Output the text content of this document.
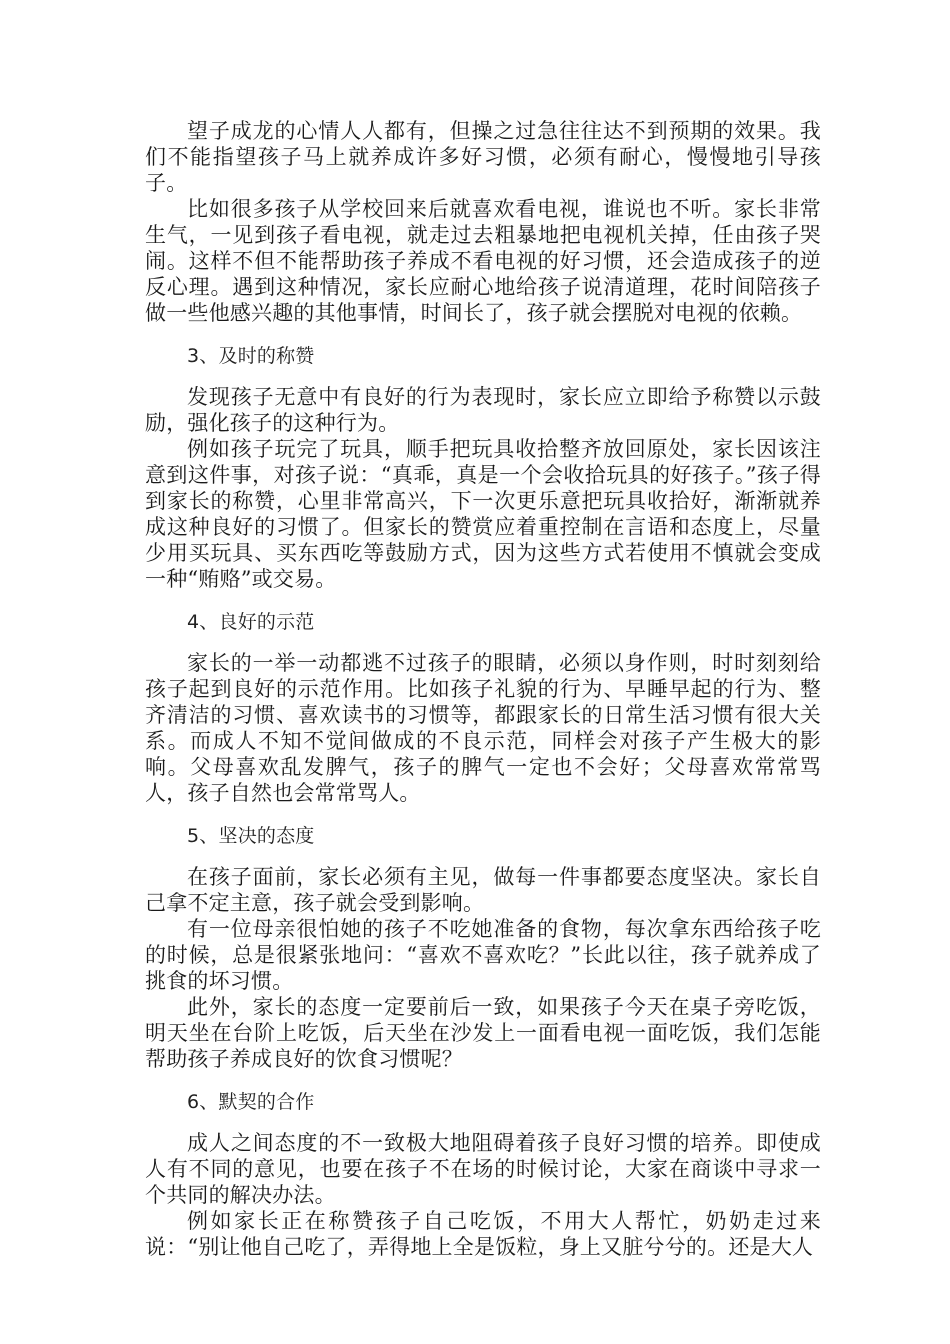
望子成龙的心情人人都有，但操之过急往往达不到预期的效果。我们不能指望孩子马上就养成许多好习惯，必须有耐心，慢慢地引导孩子。

比如很多孩子从学校回来后就喜欢看电视，谁说也不听。家长非常生气，一见到孩子看电视，就走过去粗暴地把电视机关掉，任由孩子哭闹。这样不但不能帮助孩子养成不看电视的好习惯，还会造成孩子的逆反心理。遇到这种情况，家长应耐心地给孩子说清道理，花时间陪孩子做一些他感兴趣的其他事情，时间长了，孩子就会摆脱对电视的依赖。

3、及时的称赞

发现孩子无意中有良好的行为表现时，家长应立即给予称赞以示鼓励，强化孩子的这种行为。

例如孩子玩完了玩具，顺手把玩具收拾整齐放回原处，家长因该注意到这件事，对孩子说：“真乖，真是一个会收拾玩具的好孩子。”孩子得到家长的称赞，心里非常高兴，下一次更乐意把玩具收拾好，渐渐就养成这种良好的习惯了。但家长的赞赏应着重控制在言语和态度上，尽量少用买玩具、买东西吃等鼓励方式，因为这些方式若使用不慎就会变成一种“贿赂”或交易。

4、良好的示范

家长的一举一动都逃不过孩子的眼睛，必须以身作则，时时刻刻给孩子起到良好的示范作用。比如孩子礼貌的行为、早睡早起的行为、整齐清洁的习惯、喜欢读书的习惯等，都跟家长的日常生活习惯有很大关系。而成人不知不觉间做成的不良示范，同样会对孩子产生极大的影响。父母喜欢乱发脾气，孩子的脾气一定也不会好；父母喜欢常常骂人，孩子自然也会常常骂人。

5、坚决的态度

在孩子面前，家长必须有主见，做每一件事都要态度坚决。家长自己拿不定主意，孩子就会受到影响。

有一位母亲很怕她的孩子不吃她准备的食物，每次拿东西给孩子吃的时候，总是很紧张地问：“喜欢不喜欢吃？”长此以往，孩子就养成了挑食的坏习惯。

此外，家长的态度一定要前后一致，如果孩子今天在桌子旁吃饭，明天坐在台阶上吃饭，后天坐在沙发上一面看电视一面吃饭，我们怎能帮助孩子养成良好的饮食习惯呢？

6、默契的合作

成人之间态度的不一致极大地阻碍着孩子良好习惯的培养。即使成人有不同的意见，也要在孩子不在场的时候讨论，大家在商谈中寻求一个共同的解决办法。

例如家长正在称赞孩子自己吃饭，不用大人帮忙，奶奶走过来说：“别让他自己吃了，弄得地上全是饭粒，身上又脏兮兮的。还是大人
